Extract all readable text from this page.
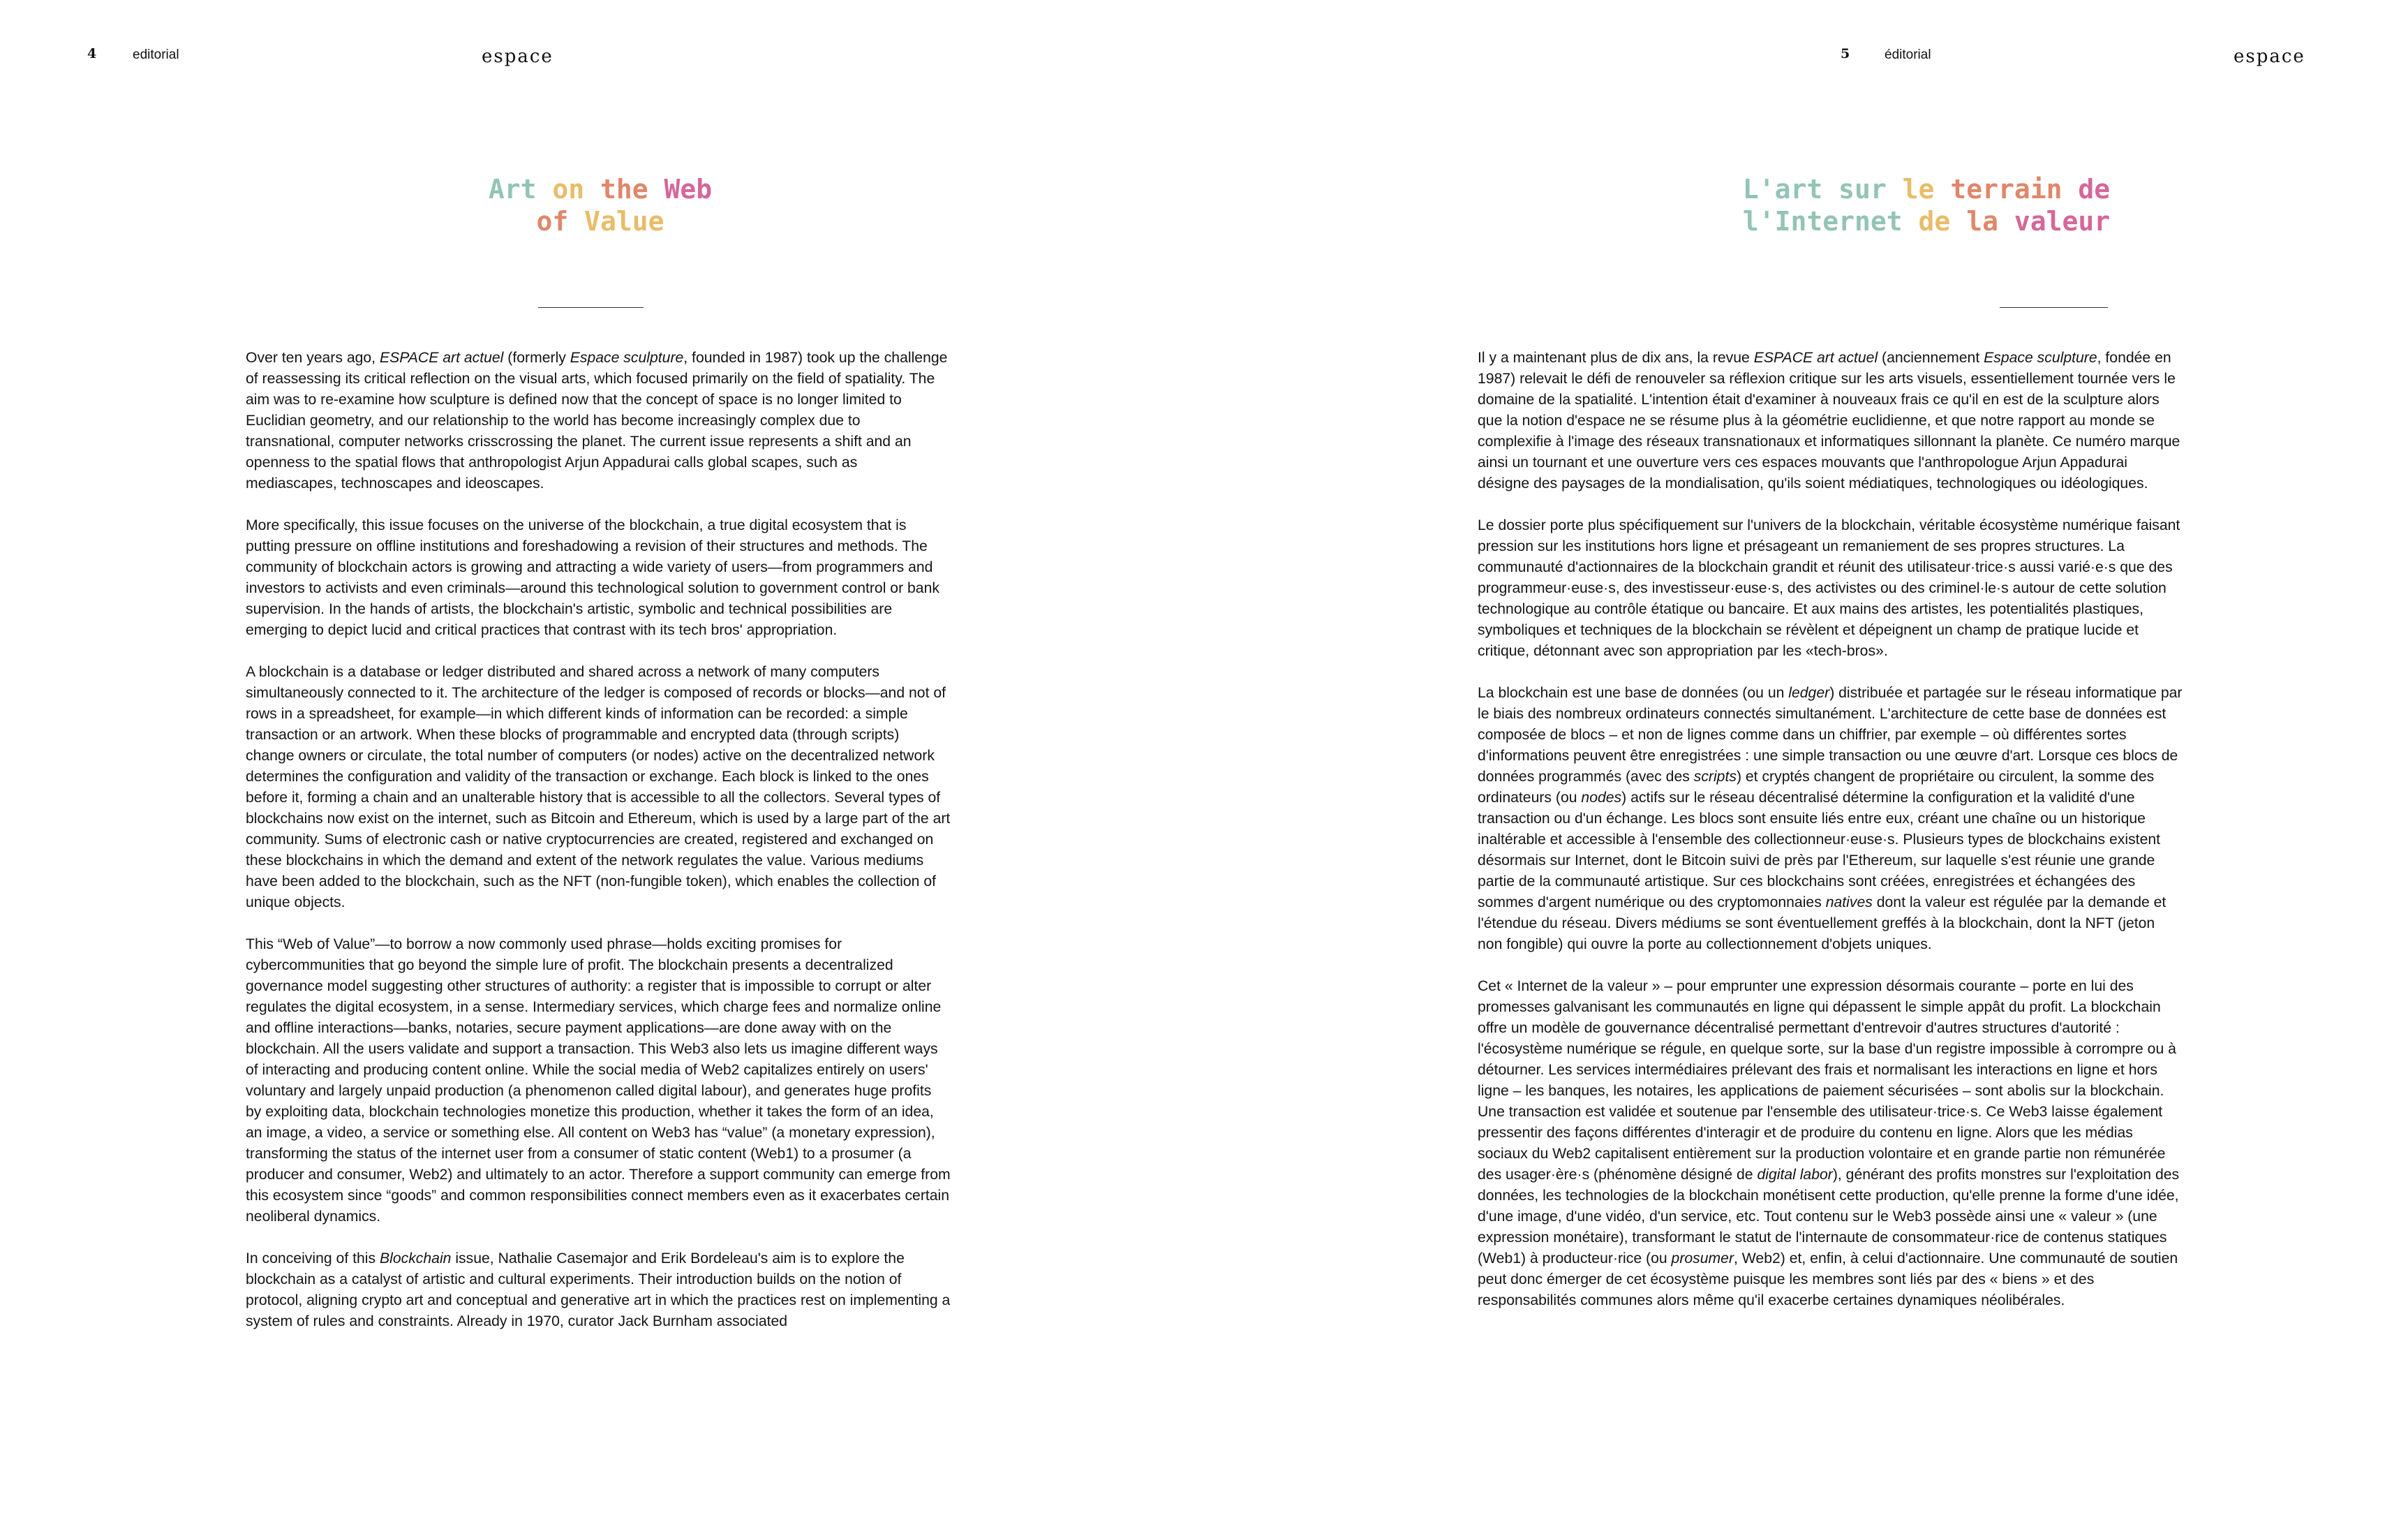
4	editorial	espace
Art on the Web
of Value

Over ten years ago, ESPACE art actuel (formerly Espace sculpture, founded in 1987) took up the challenge of reassessing its critical reflection on the visual arts, which focused primarily on the field of spatiality. The aim was to re-examine how sculpture is defined now that the concept of space is no longer limited to Euclidian geometry, and our relationship to the world has become increasingly complex due to transnational, computer networks crisscrossing the planet. The current issue represents a shift and an openness to the spatial flows that anthropologist Arjun Appadurai calls global scapes, such as mediascapes, technoscapes and ideoscapes.

More specifically, this issue focuses on the universe of the blockchain, a true digital ecosystem that is putting pressure on offline institutions and foreshadowing a revision of their structures and methods. The community of blockchain actors is growing and attracting a wide variety of users—from programmers and investors to activists and even criminals—around this technological solution to government control or bank supervision. In the hands of artists, the blockchain's artistic, symbolic and technical possibilities are emerging to depict lucid and critical practices that contrast with its tech bros' appropriation.

A blockchain is a database or ledger distributed and shared across a network of many computers simultaneously connected to it. The architecture of the ledger is composed of records or blocks—and not of rows in a spreadsheet, for example—in which different kinds of information can be recorded: a simple transaction or an artwork. When these blocks of programmable and encrypted data (through scripts) change owners or circulate, the total number of computers (or nodes) active on the decentralized network determines the configuration and validity of the transaction or exchange. Each block is linked to the ones before it, forming a chain and an unalterable history that is accessible to all the collectors. Several types of blockchains now exist on the internet, such as Bitcoin and Ethereum, which is used by a large part of the art community. Sums of electronic cash or native cryptocurrencies are created, registered and exchanged on these blockchains in which the demand and extent of the network regulates the value. Various mediums have been added to the blockchain, such as the NFT (non-fungible token), which enables the collection of unique objects.

This “Web of Value”—to borrow a now commonly used phrase—holds exciting promises for cybercommunities that go beyond the simple lure of profit. The blockchain presents a decentralized governance model suggesting other structures of authority: a register that is impossible to corrupt or alter regulates the digital ecosystem, in a sense. Intermediary services, which charge fees and normalize online and offline interactions—banks, notaries, secure payment applications—are done away with on the blockchain. All the users validate and support a transaction. This Web3 also lets us imagine different ways of interacting and producing content online. While the social media of Web2 capitalizes entirely on users' voluntary and largely unpaid production (a phenomenon called digital labour), and generates huge profits by exploiting data, blockchain technologies monetize this production, whether it takes the form of an idea, an image, a video, a service or something else. All content on Web3 has “value” (a monetary expression), transforming the status of the internet user from a consumer of static content (Web1) to a prosumer (a producer and consumer, Web2) and ultimately to an actor. Therefore a support community can emerge from this ecosystem since “goods” and common responsibilities connect members even as it exacerbates certain neoliberal dynamics.

In conceiving of this Blockchain issue, Nathalie Casemajor and Erik Bordeleau's aim is to explore the blockchain as a catalyst of artistic and cultural experiments. Their introduction builds on the notion of protocol, aligning crypto art and conceptual and generative art in which the practices rest on implementing a system of rules and constraints. Already in 1970, curator Jack Burnham associated

5	éditorial	espace
L'art sur le terrain de
l'Internet de la valeur

Il y a maintenant plus de dix ans, la revue ESPACE art actuel (anciennement Espace sculpture, fondée en 1987) relevait le défi de renouveler sa réflexion critique sur les arts visuels, essentiellement tournée vers le domaine de la spatialité. L'intention était d'examiner à nouveaux frais ce qu'il en est de la sculpture alors que la notion d'espace ne se résume plus à la géométrie euclidienne, et que notre rapport au monde se complexifie à l'image des réseaux transnationaux et informatiques sillonnant la planète. Ce numéro marque ainsi un tournant et une ouverture vers ces espaces mouvants que l'anthropologue Arjun Appadurai désigne des paysages de la mondialisation, qu'ils soient médiatiques, technologiques ou idéologiques.

Le dossier porte plus spécifiquement sur l'univers de la blockchain, véritable écosystème numérique faisant pression sur les institutions hors ligne et présageant un remaniement de ses propres structures. La communauté d'actionnaires de la blockchain grandit et réunit des utilisateur·trice·s aussi varié·e·s que des programmeur·euse·s, des investisseur·euse·s, des activistes ou des criminel·le·s autour de cette solution technologique au contrôle étatique ou bancaire. Et aux mains des artistes, les potentialités plastiques, symboliques et techniques de la blockchain se révèlent et dépeignent un champ de pratique lucide et critique, détonnant avec son appropriation par les «tech-bros».

La blockchain est une base de données (ou un ledger) distribuée et partagée sur le réseau informatique par le biais des nombreux ordinateurs connectés simultanément. L'architecture de cette base de données est composée de blocs – et non de lignes comme dans un chiffrier, par exemple – où différentes sortes d'informations peuvent être enregistrées : une simple transaction ou une œuvre d'art. Lorsque ces blocs de données programmés (avec des scripts) et cryptés changent de propriétaire ou circulent, la somme des ordinateurs (ou nodes) actifs sur le réseau décentralisé détermine la configuration et la validité d'une transaction ou d'un échange. Les blocs sont ensuite liés entre eux, créant une chaîne ou un historique inaltérable et accessible à l'ensemble des collectionneur·euse·s. Plusieurs types de blockchains existent désormais sur Internet, dont le Bitcoin suivi de près par l'Ethereum, sur laquelle s'est réunie une grande partie de la communauté artistique. Sur ces blockchains sont créées, enregistrées et échangées des sommes d'argent numérique ou des cryptomonnaies natives dont la valeur est régulée par la demande et l'étendue du réseau. Divers médiums se sont éventuellement greffés à la blockchain, dont la NFT (jeton non fongible) qui ouvre la porte au collectionnement d'objets uniques.

Cet « Internet de la valeur » – pour emprunter une expression désormais courante – porte en lui des promesses galvanisant les communautés en ligne qui dépassent le simple appât du profit. La blockchain offre un modèle de gouvernance décentralisé permettant d'entrevoir d'autres structures d'autorité : l'écosystème numérique se régule, en quelque sorte, sur la base d'un registre impossible à corrompre ou à détourner. Les services intermédiaires prélevant des frais et normalisant les interactions en ligne et hors ligne – les banques, les notaires, les applications de paiement sécurisées – sont abolis sur la blockchain. Une transaction est validée et soutenue par l'ensemble des utilisateur·trice·s. Ce Web3 laisse également pressentir des façons différentes d'interagir et de produire du contenu en ligne. Alors que les médias sociaux du Web2 capitalisent entièrement sur la production volontaire et en grande partie non rémunérée des usager·ère·s (phénomène désigné de digital labor), générant des profits monstres sur l'exploitation des données, les technologies de la blockchain monétisent cette production, qu'elle prenne la forme d'une idée, d'une image, d'une vidéo, d'un service, etc. Tout contenu sur le Web3 possède ainsi une « valeur » (une expression monétaire), transformant le statut de l'internaute de consommateur·rice de contenus statiques (Web1) à producteur·rice (ou prosumer, Web2) et, enfin, à celui d'actionnaire. Une communauté de soutien peut donc émerger de cet écosystème puisque les membres sont liés par des « biens » et des responsabilités communes alors même qu'il exacerbe certaines dynamiques néolibérales.
